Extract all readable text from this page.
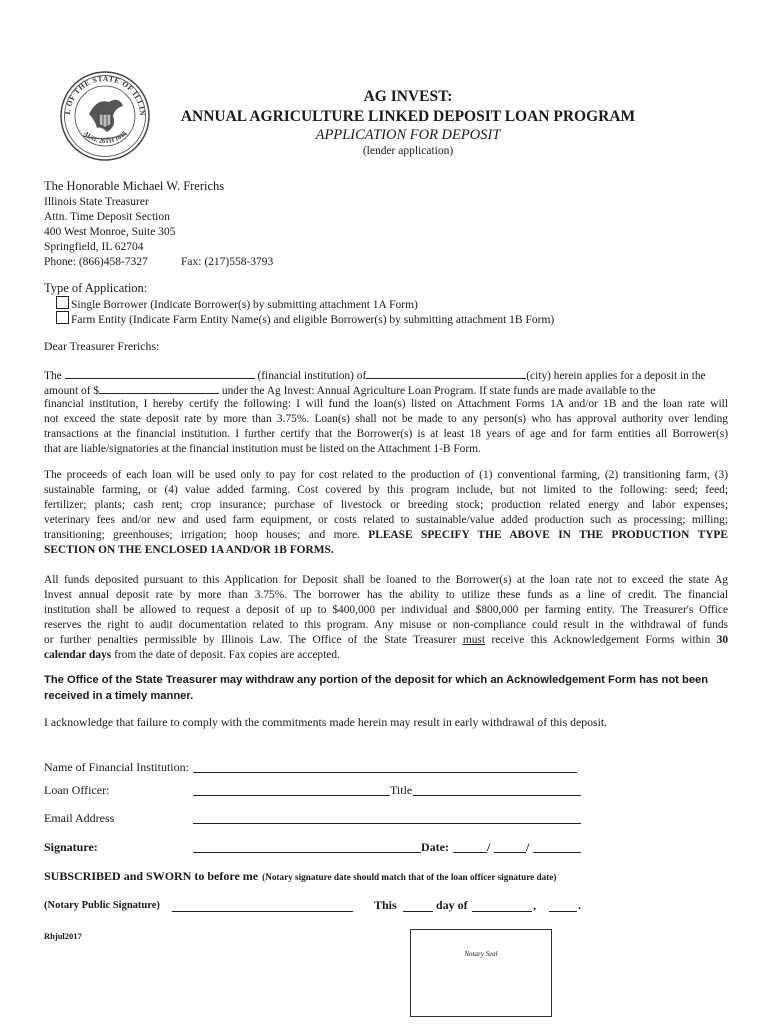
L OF THE STATE OF ILLIN
AUG. 26TH 1818
AG INVEST:
ANNUAL AGRICULTURE LINKED DEPOSIT LOAN PROGRAM
APPLICATION FOR DEPOSIT
(lender application)
The Honorable Michael W. Frerichs
Illinois State Treasurer
Attn. Time Deposit Section
400 West Monroe, Suite 305
Springfield, IL 62704
Phone: (866)458-7327	Fax: (217)558-3793
Type of Application:
Single Borrower (Indicate Borrower(s) by submitting attachment 1A Form)
Farm Entity (Indicate Farm Entity Name(s) and eligible Borrower(s) by submitting attachment 1B Form)
Dear Treasurer Frerichs:
The	(financial institution) of	(city) herein applies for a deposit in the
amount of $	under the Ag Invest: Annual Agriculture Loan Program. If state funds are made available to the
financial institution, I hereby certify the following: I will fund the loan(s) listed on Attachment Forms 1A and/or 1B and the loan rate will
not exceed the state deposit rate by more than 3.75%. Loan(s) shall not be made to any person(s) who has approval authority over lending
transactions at the financial institution. I further certify that the Borrower(s) is at least 18 years of age and for farm entities all Borrower(s)
that are liable/signatories at the financial institution must be listed on the Attachment 1-B Form.
The proceeds of each loan will be used only to pay for cost related to the production of (1) conventional farming, (2) transitioning farm, (3)
sustainable farming, or (4) value added farming. Cost covered by this program include, but not limited to the following: seed; feed;
fertilizer; plants; cash rent; crop insurance; purchase of livestock or breeding stock; production related energy and labor expenses;
veterinary fees and/or new and used farm equipment, or costs related to sustainable/value added production such as processing; milling;
transitioning; greenhouses; irrigation; hoop houses; and more. PLEASE SPECIFY THE ABOVE IN THE PRODUCTION TYPE
SECTION ON THE ENCLOSED 1A AND/OR 1B FORMS.
All funds deposited pursuant to this Application for Deposit shall be loaned to the Borrower(s) at the loan rate not to exceed the state Ag
Invest annual deposit rate by more than 3.75%. The borrower has the ability to utilize these funds as a line of credit. The financial
institution shall be allowed to request a deposit of up to $400,000 per individual and $800,000 per farming entity. The Treasurer's Office
reserves the right to audit documentation related to this program. Any misuse or non-compliance could result in the withdrawal of funds
or further penalties permissible by Illinois Law. The Office of the State Treasurer must receive this Acknowledgement Forms within 30
calendar days from the date of deposit. Fax copies are accepted.
The Office of the State Treasurer may withdraw any portion of the deposit for which an Acknowledgement Form has not been
received in a timely manner.
I acknowledge that failure to comply with the commitments made herein may result in early withdrawal of this deposit.
Name of Financial Institution:
Loan Officer:	Title
Email Address
Signature:	Date:	/	/
SUBSCRIBED and SWORN to before me (Notary signature date should match that of the loan officer signature date)
(Notary Public Signature)	This	day of	,	.
Rhjul2017
Notary Seal
